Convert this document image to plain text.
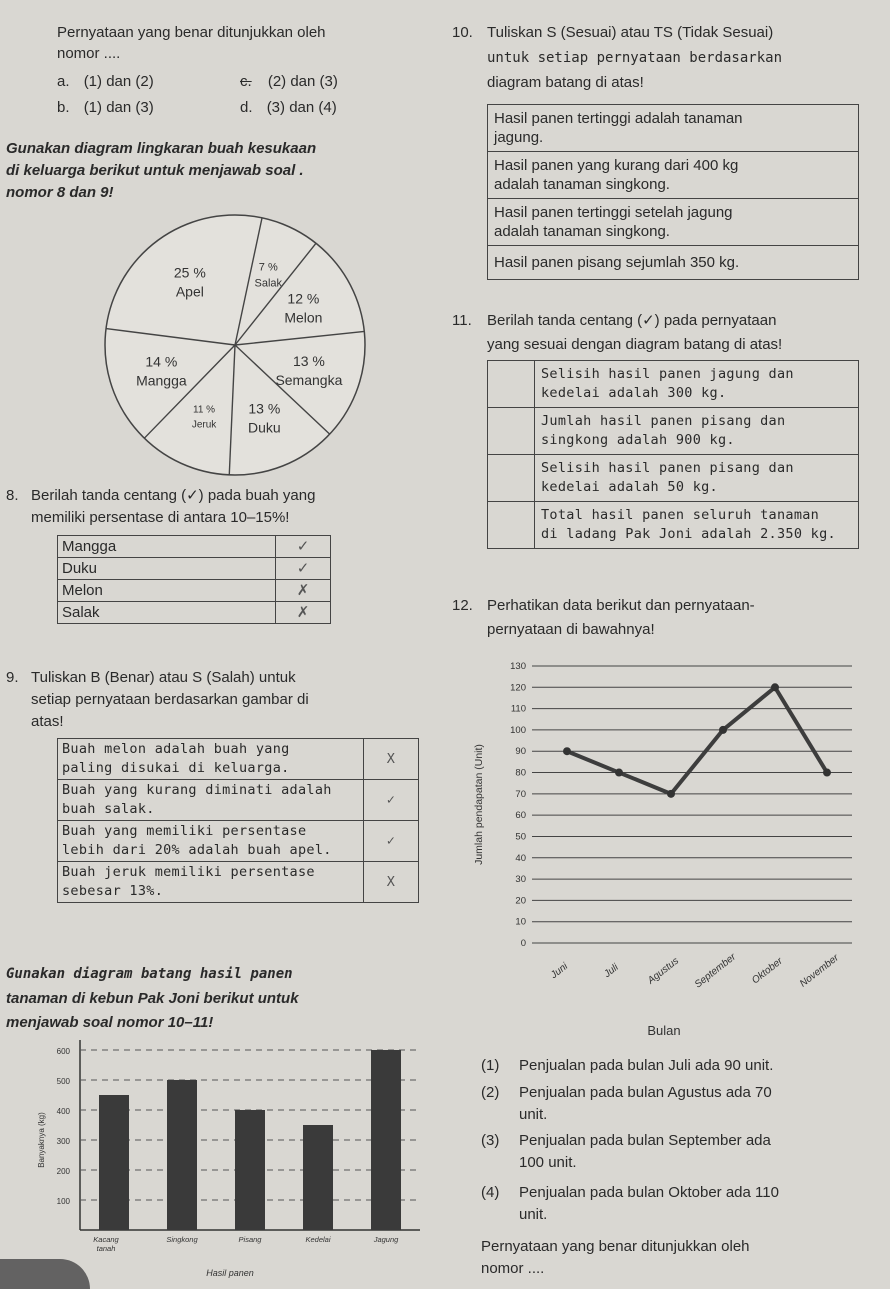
Pernyataan yang benar ditunjukkan oleh
nomor ....
a. (1) dan (2)	c. (2) dan (3)
b. (1) dan (3)	d. (3) dan (4)
Gunakan diagram lingkaran buah kesukaan
di keluarga berikut untuk menjawab soal .
nomor 8 dan 9!
7 %
Salak
12 %
Melon
13 %
Semangka
13 %
Duku
11 %
Jeruk
14 %
Mangga
25 %
Apel
8. Berilah tanda centang (✓) pada buah yang
memiliki persentase di antara 10–15%!
Mangga	✓
Duku	✓
Melon	✗
Salak	✗
9. Tuliskan B (Benar) atau S (Salah) untuk
setiap pernyataan berdasarkan gambar di
atas!
Buah melon adalah buah yang
paling disukai di keluarga.	X

Buah yang kurang diminati adalah
buah salak.	✓

Buah yang memiliki persentase
lebih dari 20% adalah buah apel.	✓

Buah jeruk memiliki persentase
sebesar 13%.	X
Gunakan diagram batang hasil panen
tanaman di kebun Pak Joni berikut untuk
menjawab soal nomor 10–11!
100
200
300
400
500
600
Banyaknya (kg)
Kacang
tanah
Singkong	Pisang	Kedelai	Jagung
Hasil panen
10. Tuliskan S (Sesuai) atau TS (Tidak Sesuai)
untuk setiap pernyataan berdasarkan
diagram batang di atas!
Hasil panen tertinggi adalah tanaman
jagung.

Hasil panen yang kurang dari 400 kg
adalah tanaman singkong.

Hasil panen tertinggi setelah jagung
adalah tanaman singkong.

Hasil panen pisang sejumlah 350 kg.
11. Berilah tanda centang (✓) pada pernyataan
yang sesuai dengan diagram batang di atas!

	Selisih hasil panen jagung dan
kedelai adalah 300 kg.

	Jumlah hasil panen pisang dan
singkong adalah 900 kg.

	Selisih hasil panen pisang dan
kedelai adalah 50 kg.

	Total hasil panen seluruh tanaman
di ladang Pak Joni adalah 2.350 kg.
12. Perhatikan data berikut dan pernyataan-
pernyataan di bawahnya!
0
10
20
30
40
50
60
70
80
90
100
110
120
130
Jumlah pendapatan (Unit)
Juni	Juli	Agustus September Oktober November
Bulan
(1) Penjualan pada bulan Juli ada 90 unit.
(2) Penjualan pada bulan Agustus ada 70
unit.
(3) Penjualan pada bulan September ada
100 unit.
(4) Penjualan pada bulan Oktober ada 110
unit.
Pernyataan yang benar ditunjukkan oleh
nomor ....
